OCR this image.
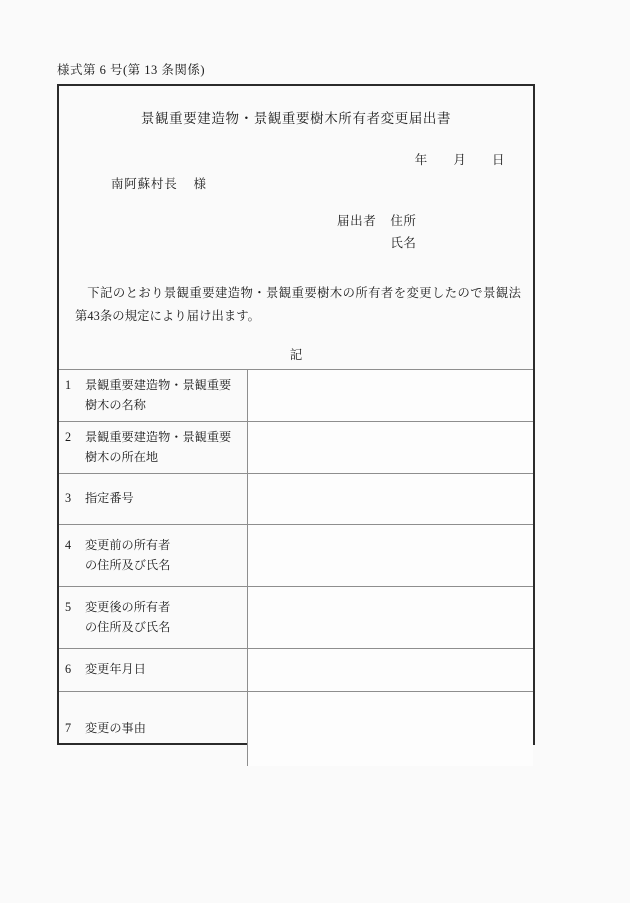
様式第 6 号(第 13 条関係)
景観重要建造物・景観重要樹木所有者変更届出書
年 月 日
南阿蘇村長 様
届出者 住所
氏名
下記のとおり景観重要建造物・景観重要樹木の所有者を変更したので景観法第43条の規定により届け出ます。
記
1 景観重要建造物・景観重要
樹木の名称	

2 景観重要建造物・景観重要
樹木の所在地	

3 指定番号	
4 変更前の所有者
の住所及び氏名	

5 変更後の所有者
の住所及び氏名	

6 変更年月日	
7 変更の事由	
